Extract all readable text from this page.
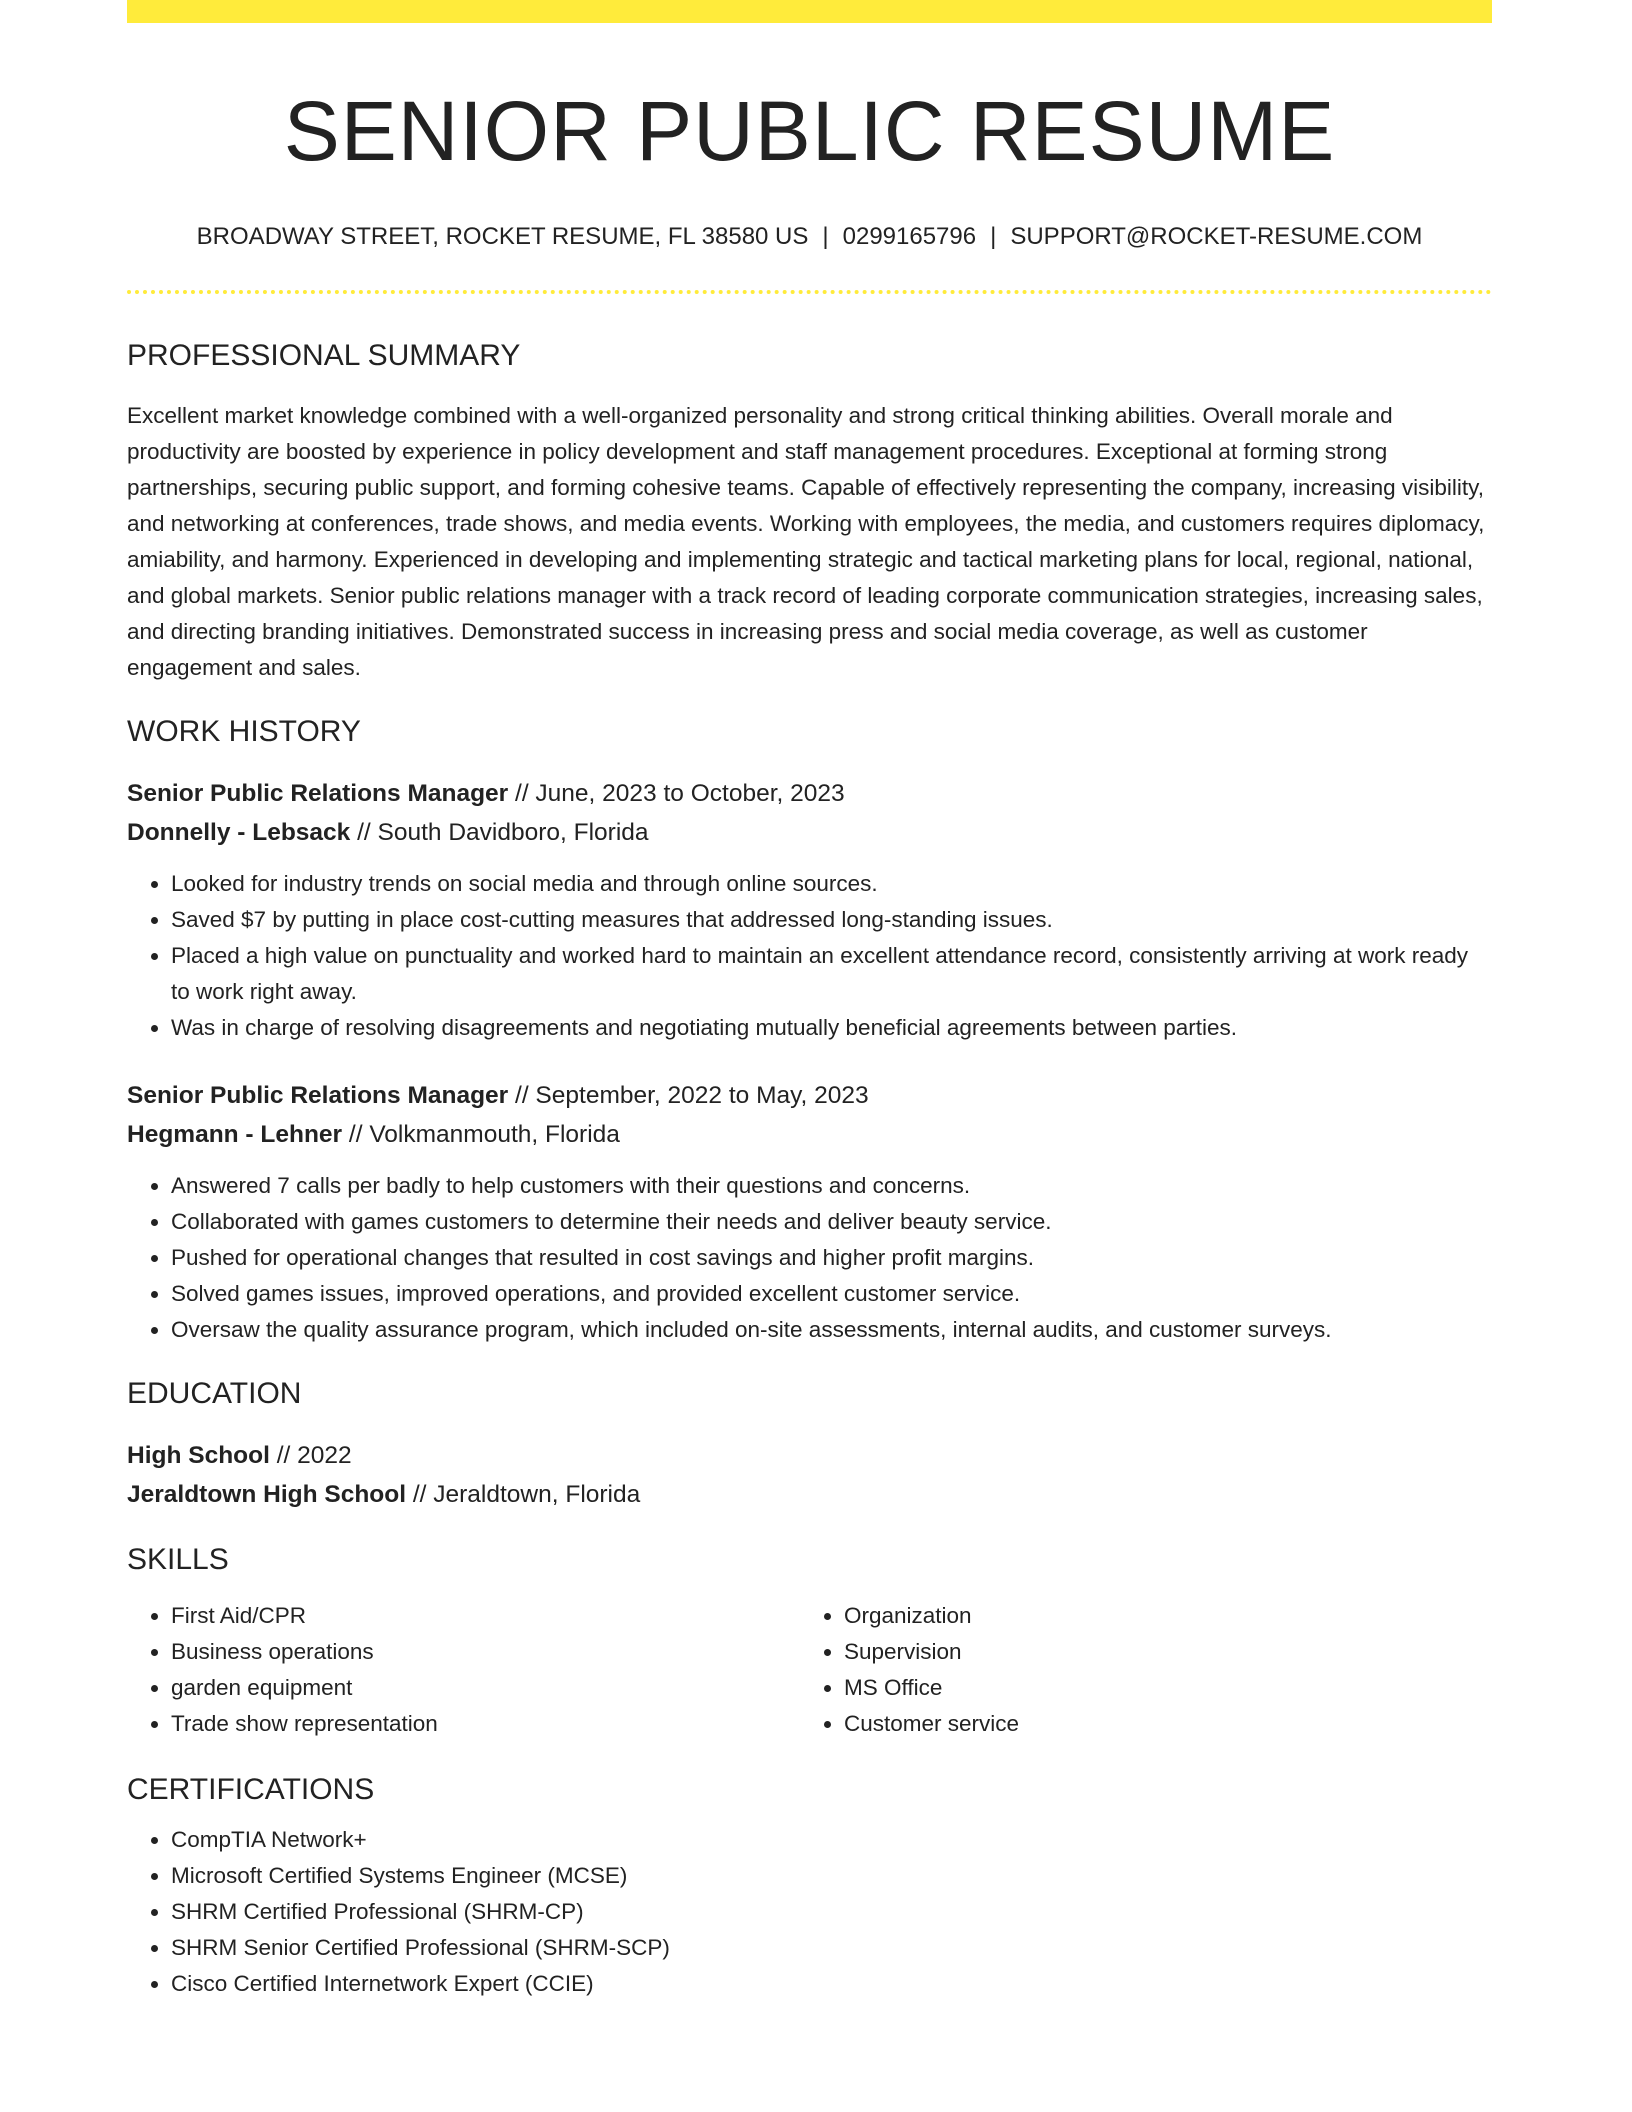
SENIOR PUBLIC RESUME
BROADWAY STREET, ROCKET RESUME, FL 38580 US | 0299165796 | SUPPORT@ROCKET-RESUME.COM
PROFESSIONAL SUMMARY

Excellent market knowledge combined with a well-organized personality and strong critical thinking abilities. Overall morale and productivity are boosted by experience in policy development and staff management procedures. Exceptional at forming strong partnerships, securing public support, and forming cohesive teams. Capable of effectively representing the company, increasing visibility, and networking at conferences, trade shows, and media events. Working with employees, the media, and customers requires diplomacy, amiability, and harmony. Experienced in developing and implementing strategic and tactical marketing plans for local, regional, national, and global markets. Senior public relations manager with a track record of leading corporate communication strategies, increasing sales, and directing branding initiatives. Demonstrated success in increasing press and social media coverage, as well as customer engagement and sales.

WORK HISTORY
Senior Public Relations Manager // June, 2023 to October, 2023
Donnelly - Lebsack // South Davidboro, Florida
• Looked for industry trends on social media and through online sources.
• Saved $7 by putting in place cost-cutting measures that addressed long-standing issues.
• Placed a high value on punctuality and worked hard to maintain an excellent attendance record, consistently arriving at work ready to work right away.
• Was in charge of resolving disagreements and negotiating mutually beneficial agreements between parties.
Senior Public Relations Manager // September, 2022 to May, 2023
Hegmann - Lehner // Volkmanmouth, Florida
• Answered 7 calls per badly to help customers with their questions and concerns.
• Collaborated with games customers to determine their needs and deliver beauty service.
• Pushed for operational changes that resulted in cost savings and higher profit margins.
• Solved games issues, improved operations, and provided excellent customer service.
• Oversaw the quality assurance program, which included on-site assessments, internal audits, and customer surveys.
EDUCATION
High School // 2022
Jeraldtown High School // Jeraldtown, Florida
SKILLS
• First Aid/CPR
• Business operations
• garden equipment
• Trade show representation
• Organization
• Supervision
• MS Office
• Customer service
CERTIFICATIONS
• CompTIA Network+
• Microsoft Certified Systems Engineer (MCSE)
• SHRM Certified Professional (SHRM-CP)
• SHRM Senior Certified Professional (SHRM-SCP)
• Cisco Certified Internetwork Expert (CCIE)
